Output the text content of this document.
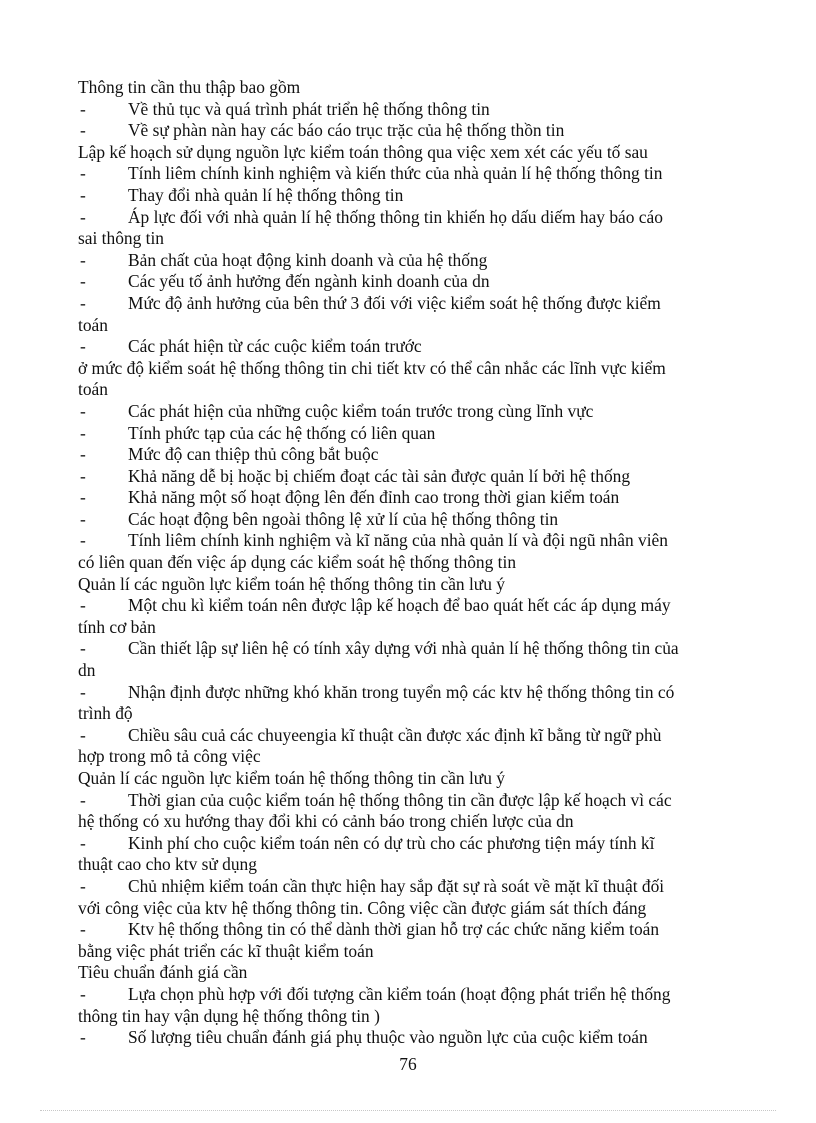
Thông tin cần thu thập bao gồm
- Về thủ tục và quá trình phát triển hệ thống thông tin
- Về sự phàn nàn hay các báo cáo trục trặc của hệ thống thồn tin
Lập kế hoạch sử dụng nguồn lực kiểm toán thông qua việc xem xét các yếu tố sau
- Tính liêm chính kinh nghiệm và kiến thức của nhà quản lí hệ thống thông tin
- Thay đổi nhà quản lí hệ thống thông tin
- Áp lực đối với nhà quản lí hệ thống thông tin khiến họ dấu diếm hay báo cáo
sai thông tin
- Bản chất của hoạt động kinh doanh và của hệ thống
- Các yếu tố ảnh hưởng đến ngành kinh doanh của dn
- Mức độ ảnh hưởng của bên thứ 3 đối với việc kiểm soát hệ thống được kiểm
toán
- Các phát hiện từ các cuộc kiểm toán trước
ở mức độ kiểm soát hệ thống thông tin chi tiết ktv có thể cân nhắc các lĩnh vực kiểm
toán
- Các phát hiện của những cuộc kiểm toán trước trong cùng lĩnh vực
- Tính phức tạp của các hệ thống có liên quan
- Mức độ can thiệp thủ công bắt buộc
- Khả năng dễ bị hoặc bị chiếm đoạt các tài sản được quản lí bởi hệ thống
- Khả năng một số hoạt động lên đến đỉnh cao trong thời gian kiểm toán
- Các hoạt động bên ngoài thông lệ xử lí của hệ thống thông tin
- Tính liêm chính kinh nghiệm và kĩ năng của nhà quản lí và đội ngũ nhân viên
có liên quan đến việc áp dụng các kiểm soát hệ thống thông tin
Quản lí các nguồn lực kiểm toán hệ thống thông tin cần lưu ý
- Một chu kì kiểm toán nên được lập kế hoạch để bao quát hết các áp dụng máy
tính cơ bản
- Cần thiết lập sự liên hệ có tính xây dựng với nhà quản lí hệ thống thông tin của
dn
- Nhận định được những khó khăn trong tuyển mộ các ktv hệ thống thông tin có
trình độ
- Chiều sâu cuả các chuyeengia kĩ thuật cần được xác định kĩ bằng từ ngữ phù
hợp trong mô tả công việc
Quản lí các nguồn lực kiểm toán hệ thống thông tin cần lưu ý
- Thời gian của cuộc kiểm toán hệ thống thông tin cần được lập kế hoạch vì các
hệ thống có xu hướng thay đổi khi có cảnh báo trong chiến lược của dn
- Kinh phí cho cuộc kiểm toán nên có dự trù cho các phương tiện máy tính kĩ
thuật cao cho ktv sử dụng
- Chủ nhiệm kiểm toán cần thực hiện hay sắp đặt sự rà soát về mặt kĩ thuật đối
với công việc của ktv hệ thống thông tin. Công việc cần được giám sát thích đáng
- Ktv hệ thống thông tin có thể dành thời gian hỗ trợ các chức năng kiểm toán
bằng việc phát triển các kĩ thuật kiểm toán
Tiêu chuẩn đánh giá cần
- Lựa chọn phù hợp với đối tượng cần kiểm toán (hoạt động phát triển hệ thống
thông tin hay vận dụng hệ thống thông tin )
- Số lượng tiêu chuẩn đánh giá phụ thuộc vào nguồn lực của cuộc kiểm toán
76
